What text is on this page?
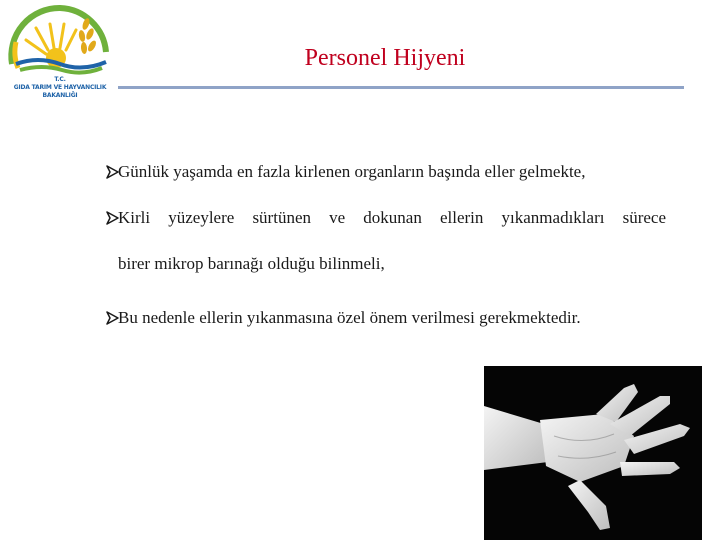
T.C.
GIDA TARIM VE HAYVANCILIK
BAKANLIĞI
Personel Hijyeni
Günlük yaşamda en fazla kirlenen organların başında eller gelmekte,
Kirli yüzeylere sürtünen ve dokunan ellerin yıkanmadıkları sürece
birer mikrop barınağı olduğu bilinmeli,
Bu nedenle ellerin yıkanmasına özel önem verilmesi gerekmektedir.
